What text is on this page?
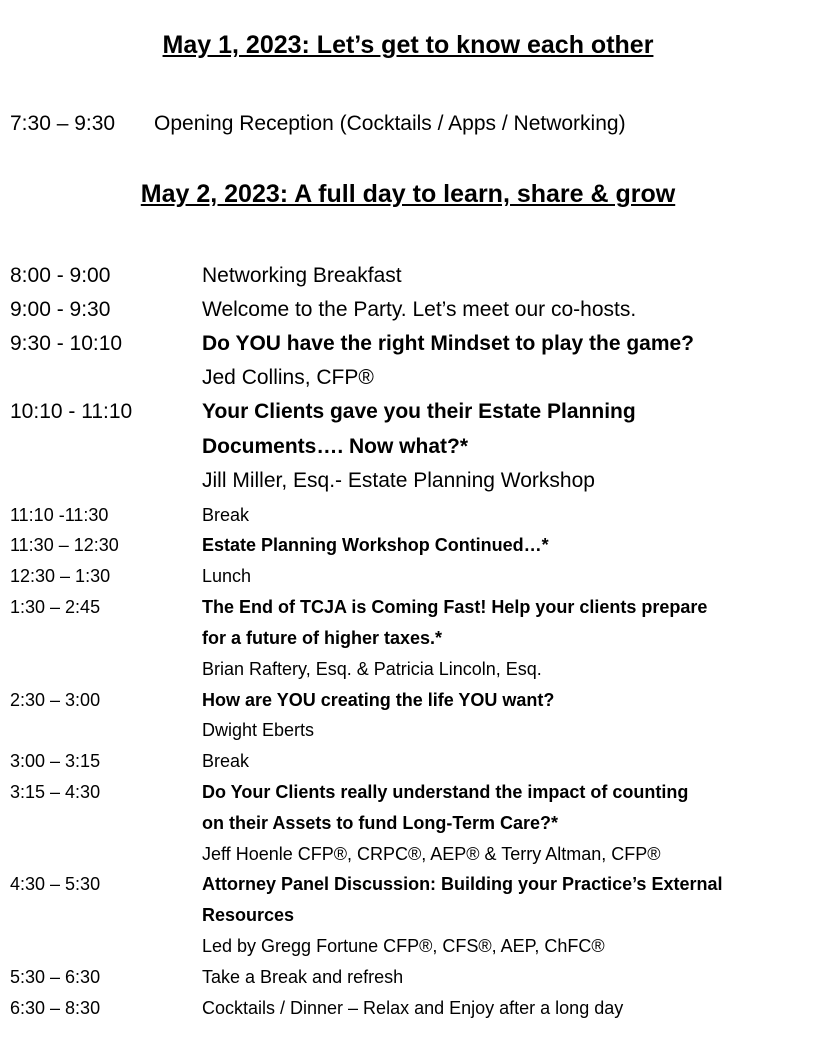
May 1, 2023: Let’s get to know each other
7:30 – 9:30 Opening Reception (Cocktails / Apps / Networking)
May 2, 2023: A full day to learn, share & grow
8:00 - 9:00	Networking Breakfast
9:00 - 9:30	Welcome to the Party. Let’s meet our co-hosts.
9:30 - 10:10	Do YOU have the right Mindset to play the game?
Jed Collins, CFP®
10:10 - 11:10	Your Clients gave you their Estate Planning
Documents…. Now what?*
Jill Miller, Esq.- Estate Planning Workshop
11:10 -11:30	Break
11:30 – 12:30	Estate Planning Workshop Continued…*
12:30 – 1:30	Lunch
1:30 – 2:45	The End of TCJA is Coming Fast! Help your clients prepare
for a future of higher taxes.*
Brian Raftery, Esq. & Patricia Lincoln, Esq.
2:30 – 3:00	How are YOU creating the life YOU want?
Dwight Eberts
3:00 – 3:15	Break
3:15 – 4:30	Do Your Clients really understand the impact of counting
on their Assets to fund Long-Term Care?*
Jeff Hoenle CFP®, CRPC®, AEP® & Terry Altman, CFP®
4:30 – 5:30	Attorney Panel Discussion: Building your Practice’s External
Resources
Led by Gregg Fortune CFP®, CFS®, AEP, ChFC®
5:30 – 6:30	Take a Break and refresh
6:30 – 8:30	Cocktails / Dinner – Relax and Enjoy after a long day
